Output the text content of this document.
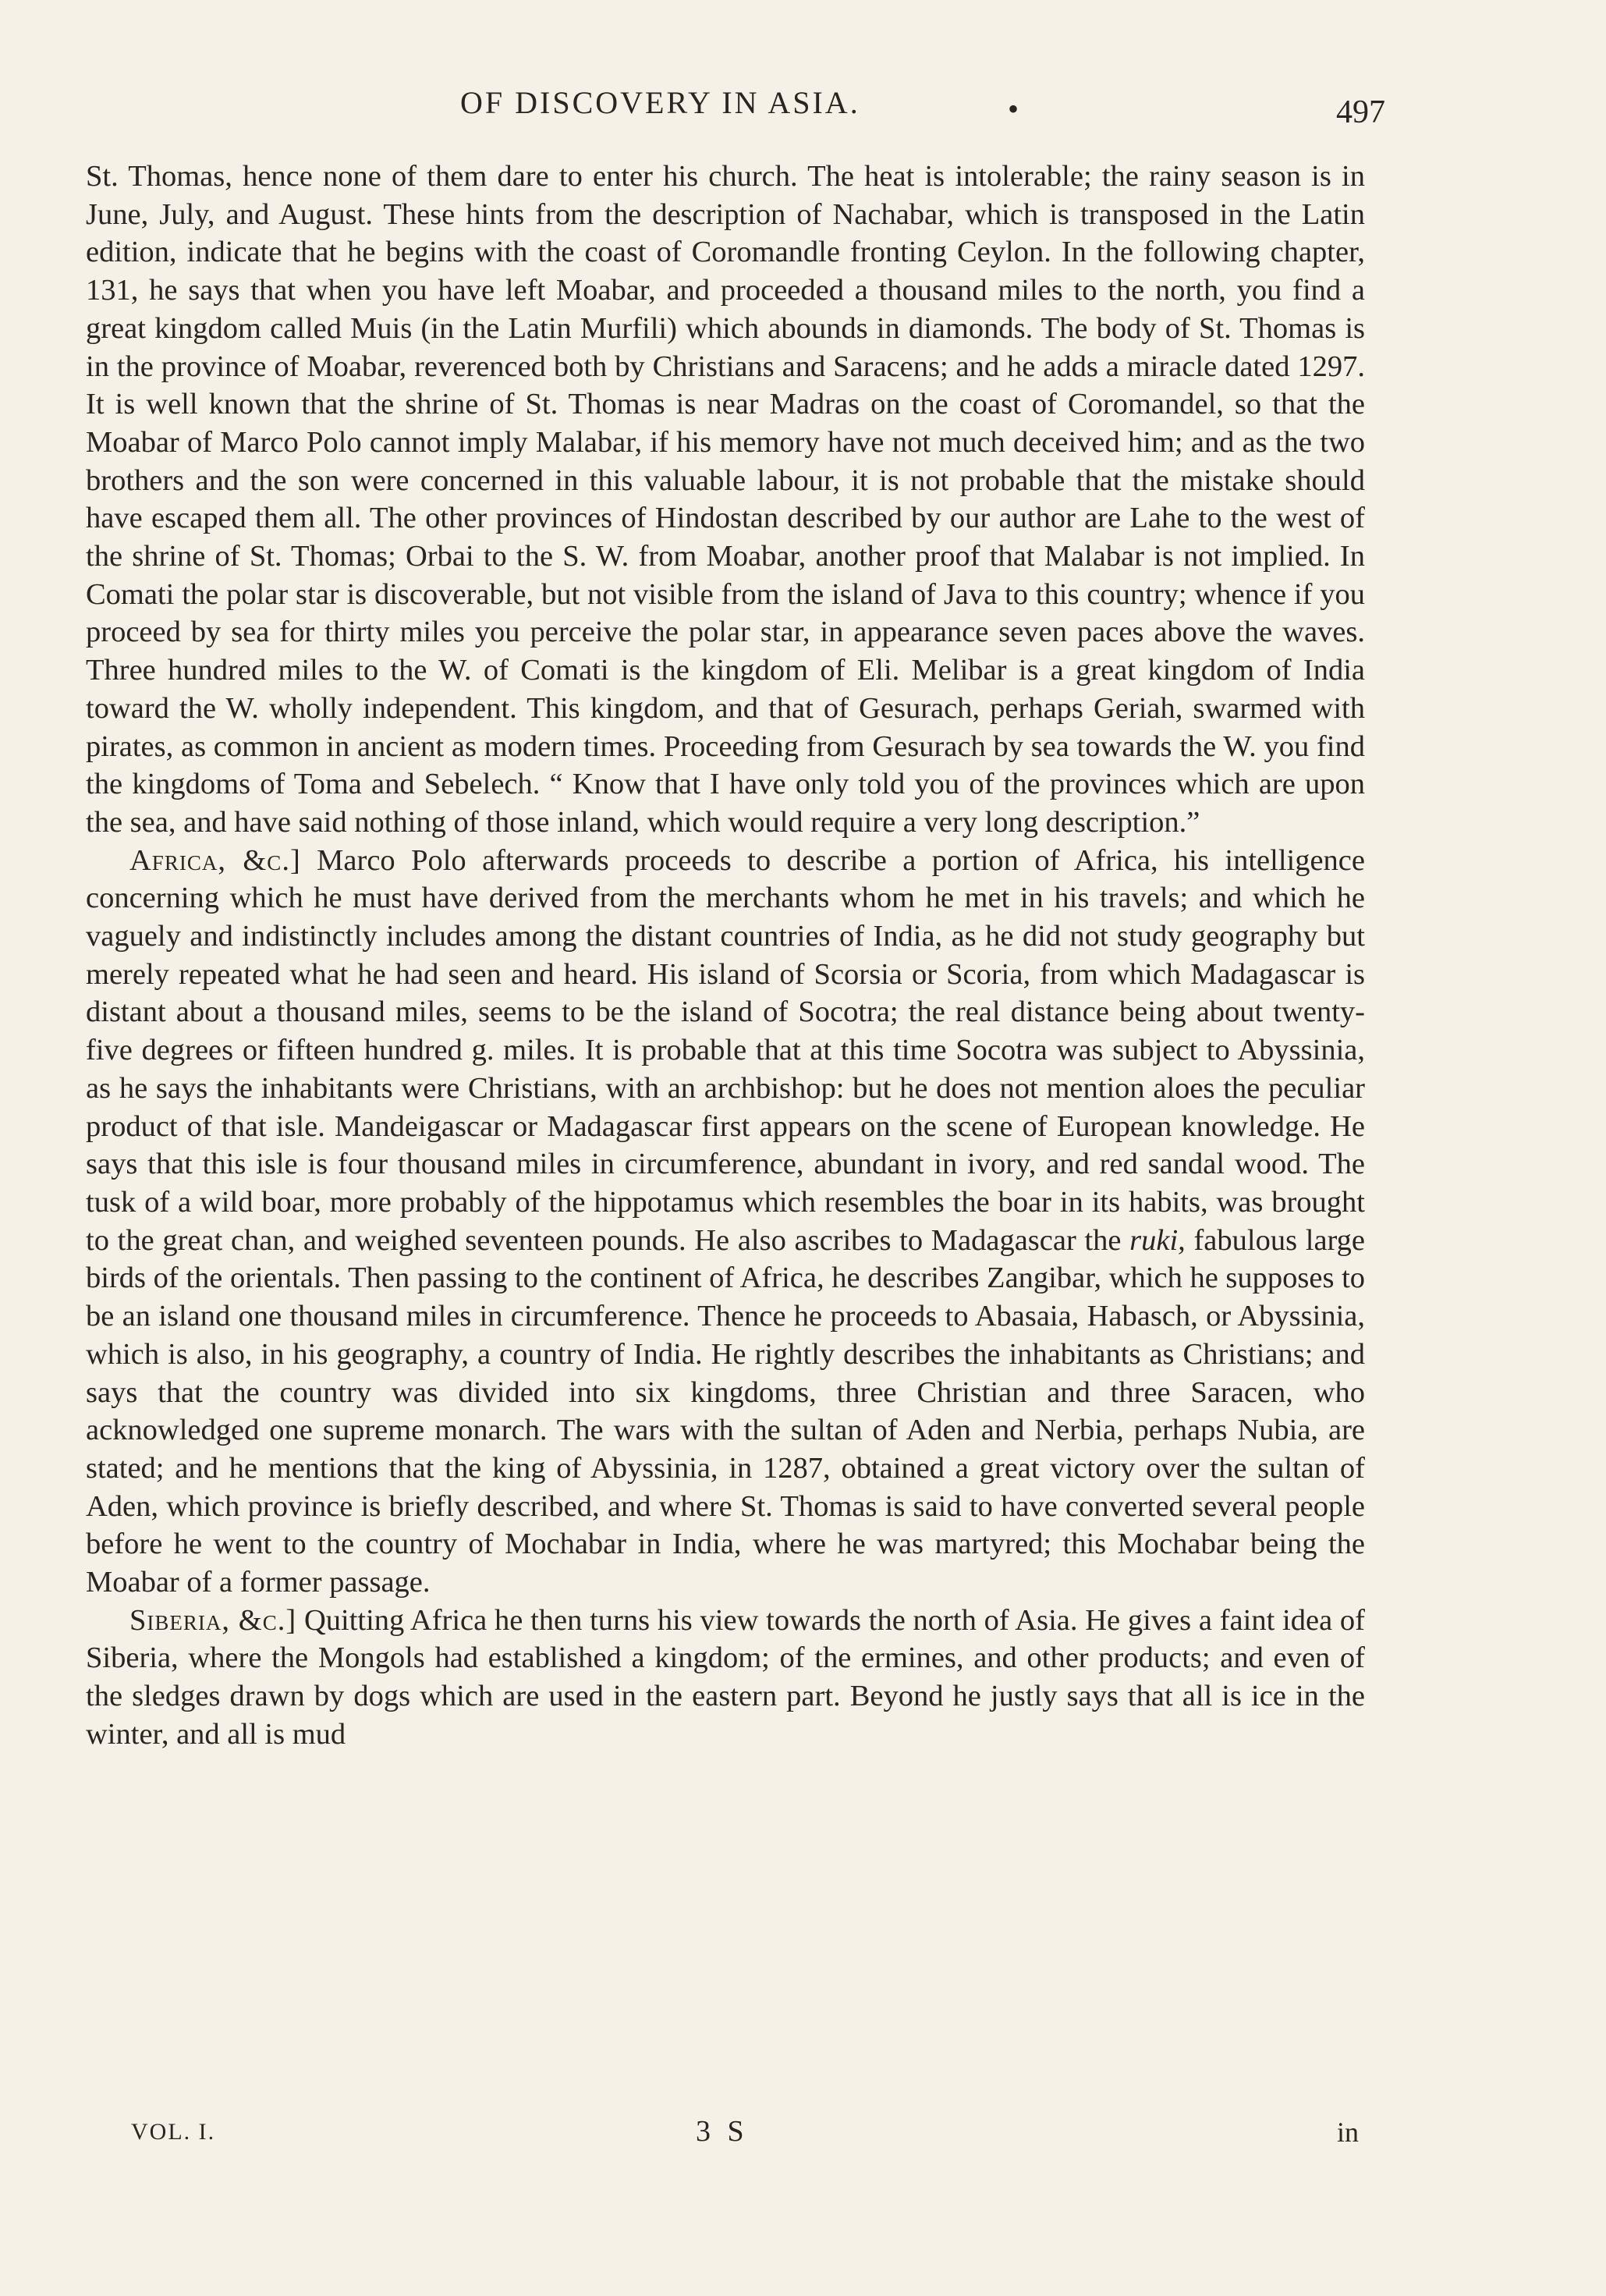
OF DISCOVERY IN ASIA.	•	497

St. Thomas, hence none of them dare to enter his church. The heat is intolerable; the rainy season is in June, July, and August. These hints from the description of Nachabar, which is transposed in the Latin edition, indicate that he begins with the coast of Coromandle fronting Ceylon. In the following chapter, 131, he says that when you have left Moabar, and proceeded a thousand miles to the north, you find a great kingdom called Muis (in the Latin Murfili) which abounds in diamonds. The body of St. Thomas is in the province of Moabar, reverenced both by Christians and Saracens; and he adds a miracle dated 1297. It is well known that the shrine of St. Thomas is near Madras on the coast of Coromandel, so that the Moabar of Marco Polo cannot imply Malabar, if his memory have not much deceived him; and as the two brothers and the son were concerned in this valuable labour, it is not probable that the mistake should have escaped them all. The other provinces of Hindostan described by our author are Lahe to the west of the shrine of St. Thomas; Orbai to the S. W. from Moabar, another proof that Malabar is not implied. In Comati the polar star is discoverable, but not visible from the island of Java to this country; whence if you proceed by sea for thirty miles you perceive the polar star, in appearance seven paces above the waves. Three hundred miles to the W. of Comati is the kingdom of Eli. Melibar is a great kingdom of India toward the W. wholly independent. This kingdom, and that of Gesurach, perhaps Geriah, swarmed with pirates, as common in ancient as modern times. Proceeding from Gesurach by sea towards the W. you find the kingdoms of Toma and Sebelech. “ Know that I have only told you of the provinces which are upon the sea, and have said nothing of those inland, which would require a very long description.”

Africa, &c.] Marco Polo afterwards proceeds to describe a portion of Africa, his intelligence concerning which he must have derived from the merchants whom he met in his travels; and which he vaguely and indistinctly includes among the distant countries of India, as he did not study geography but merely repeated what he had seen and heard. His island of Scorsia or Scoria, from which Madagascar is distant about a thousand miles, seems to be the island of Socotra; the real distance being about twenty-five degrees or fifteen hundred g. miles. It is probable that at this time Socotra was subject to Abyssinia, as he says the inhabitants were Christians, with an archbishop: but he does not mention aloes the peculiar product of that isle. Mandeigascar or Madagascar first appears on the scene of European knowledge. He says that this isle is four thousand miles in circumference, abundant in ivory, and red sandal wood. The tusk of a wild boar, more probably of the hippotamus which resembles the boar in its habits, was brought to the great chan, and weighed seventeen pounds. He also ascribes to Madagascar the ruki, fabulous large birds of the orientals. Then passing to the continent of Africa, he describes Zangibar, which he supposes to be an island one thousand miles in circumference. Thence he proceeds to Abasaia, Habasch, or Abyssinia, which is also, in his geography, a country of India. He rightly describes the inhabitants as Christians; and says that the country was divided into six kingdoms, three Christian and three Saracen, who acknowledged one supreme monarch. The wars with the sultan of Aden and Nerbia, perhaps Nubia, are stated; and he mentions that the king of Abyssinia, in 1287, obtained a great victory over the sultan of Aden, which province is briefly described, and where St. Thomas is said to have converted several people before he went to the country of Mochabar in India, where he was martyred; this Mochabar being the Moabar of a former passage.

Siberia, &c.] Quitting Africa he then turns his view towards the north of Asia. He gives a faint idea of Siberia, where the Mongols had established a kingdom; of the ermines, and other products; and even of the sledges drawn by dogs which are used in the eastern part. Beyond he justly says that all is ice in the winter, and all is mud

VOL. I.	3 S	in
